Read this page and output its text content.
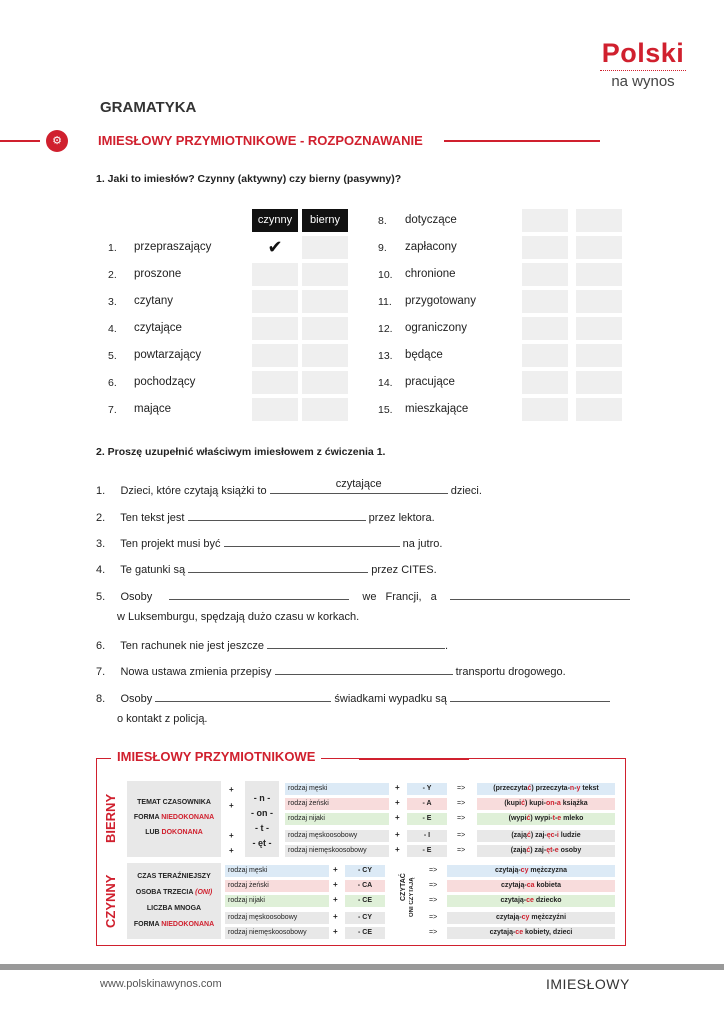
Polski
na wynos
GRAMATYKA
⚙	IMIESŁOWY PRZYMIOTNIKOWE - ROZPOZNAWANIE
1. Jaki to imiesłów? Czynny (aktywny) czy bierny (pasywny)?
czynny	bierny
1. przepraszający	✔
2. proszone
3. czytany
4. czytające
5. powtarzający
6. pochodzący
7. mające
8. dotyczące
9. zapłacony
10. chronione
11. przygotowany
12. ograniczony
13. będące
14. pracujące
15. mieszkające
2. Proszę uzupełnić właściwym imiesłowem z ćwiczenia 1.
1. Dzieci, które czytają książki to
czytające
dzieci.
2. Ten tekst jest	przez lektora.
3. Ten projekt musi być	na jutro.
4. Te gatunki są	przez CITES.
5. Osoby	we Francji, a
w Luksemburgu, spędzają dużo czasu w korkach.
6. Ten rachunek nie jest jeszcze	.
7. Nowa ustawa zmienia przepisy	transportu drogowego.
8. Osoby	świadkami wypadku są
o kontakt z policją.
IMIESŁOWY PRZYMIOTNIKOWE
BIERNY	TEMAT CZASOWNIKA
FORMA NIEDOKONANA
LUB DOKONANA
+
+
+
+
- n -
- on -
- t -
- ęt -
rodzaj męski	+	- Y	=>	(przeczytać) przeczyta-n-y tekst
rodzaj żeński	+	- A	=>	(kupić) kupi-on-a książka
rodzaj nijaki	+	- E	=>	(wypić) wypi-t-e mleko
rodzaj męskoosobowy	+	- I	=>	(zająć) zaj-ęc-i ludzie
rodzaj niemęskoosobowy	+	- E	=>	(zająć) zaj-ęt-e osoby
CZYNNY	CZAS TERAŹNIEJSZY
OSOBA TRZECIA (ONI)
LICZBA MNOGA
FORMA NIEDOKONANA
CZYTAĆ ONI CZYTAJĄ
rodzaj męski	+	- CY	=>	czytają-cy mężczyzna
rodzaj żeński	+	- CA	=>	czytają-ca kobieta
rodzaj nijaki	+	- CE	=>	czytają-ce dziecko
rodzaj męskoosobowy	+	- CY	=>	czytają-cy mężczyźni
rodzaj niemęskoosobowy	+	- CE	=>	czytają-ce kobiety, dzieci
www.polskinawynos.com	IMIESŁOWY
